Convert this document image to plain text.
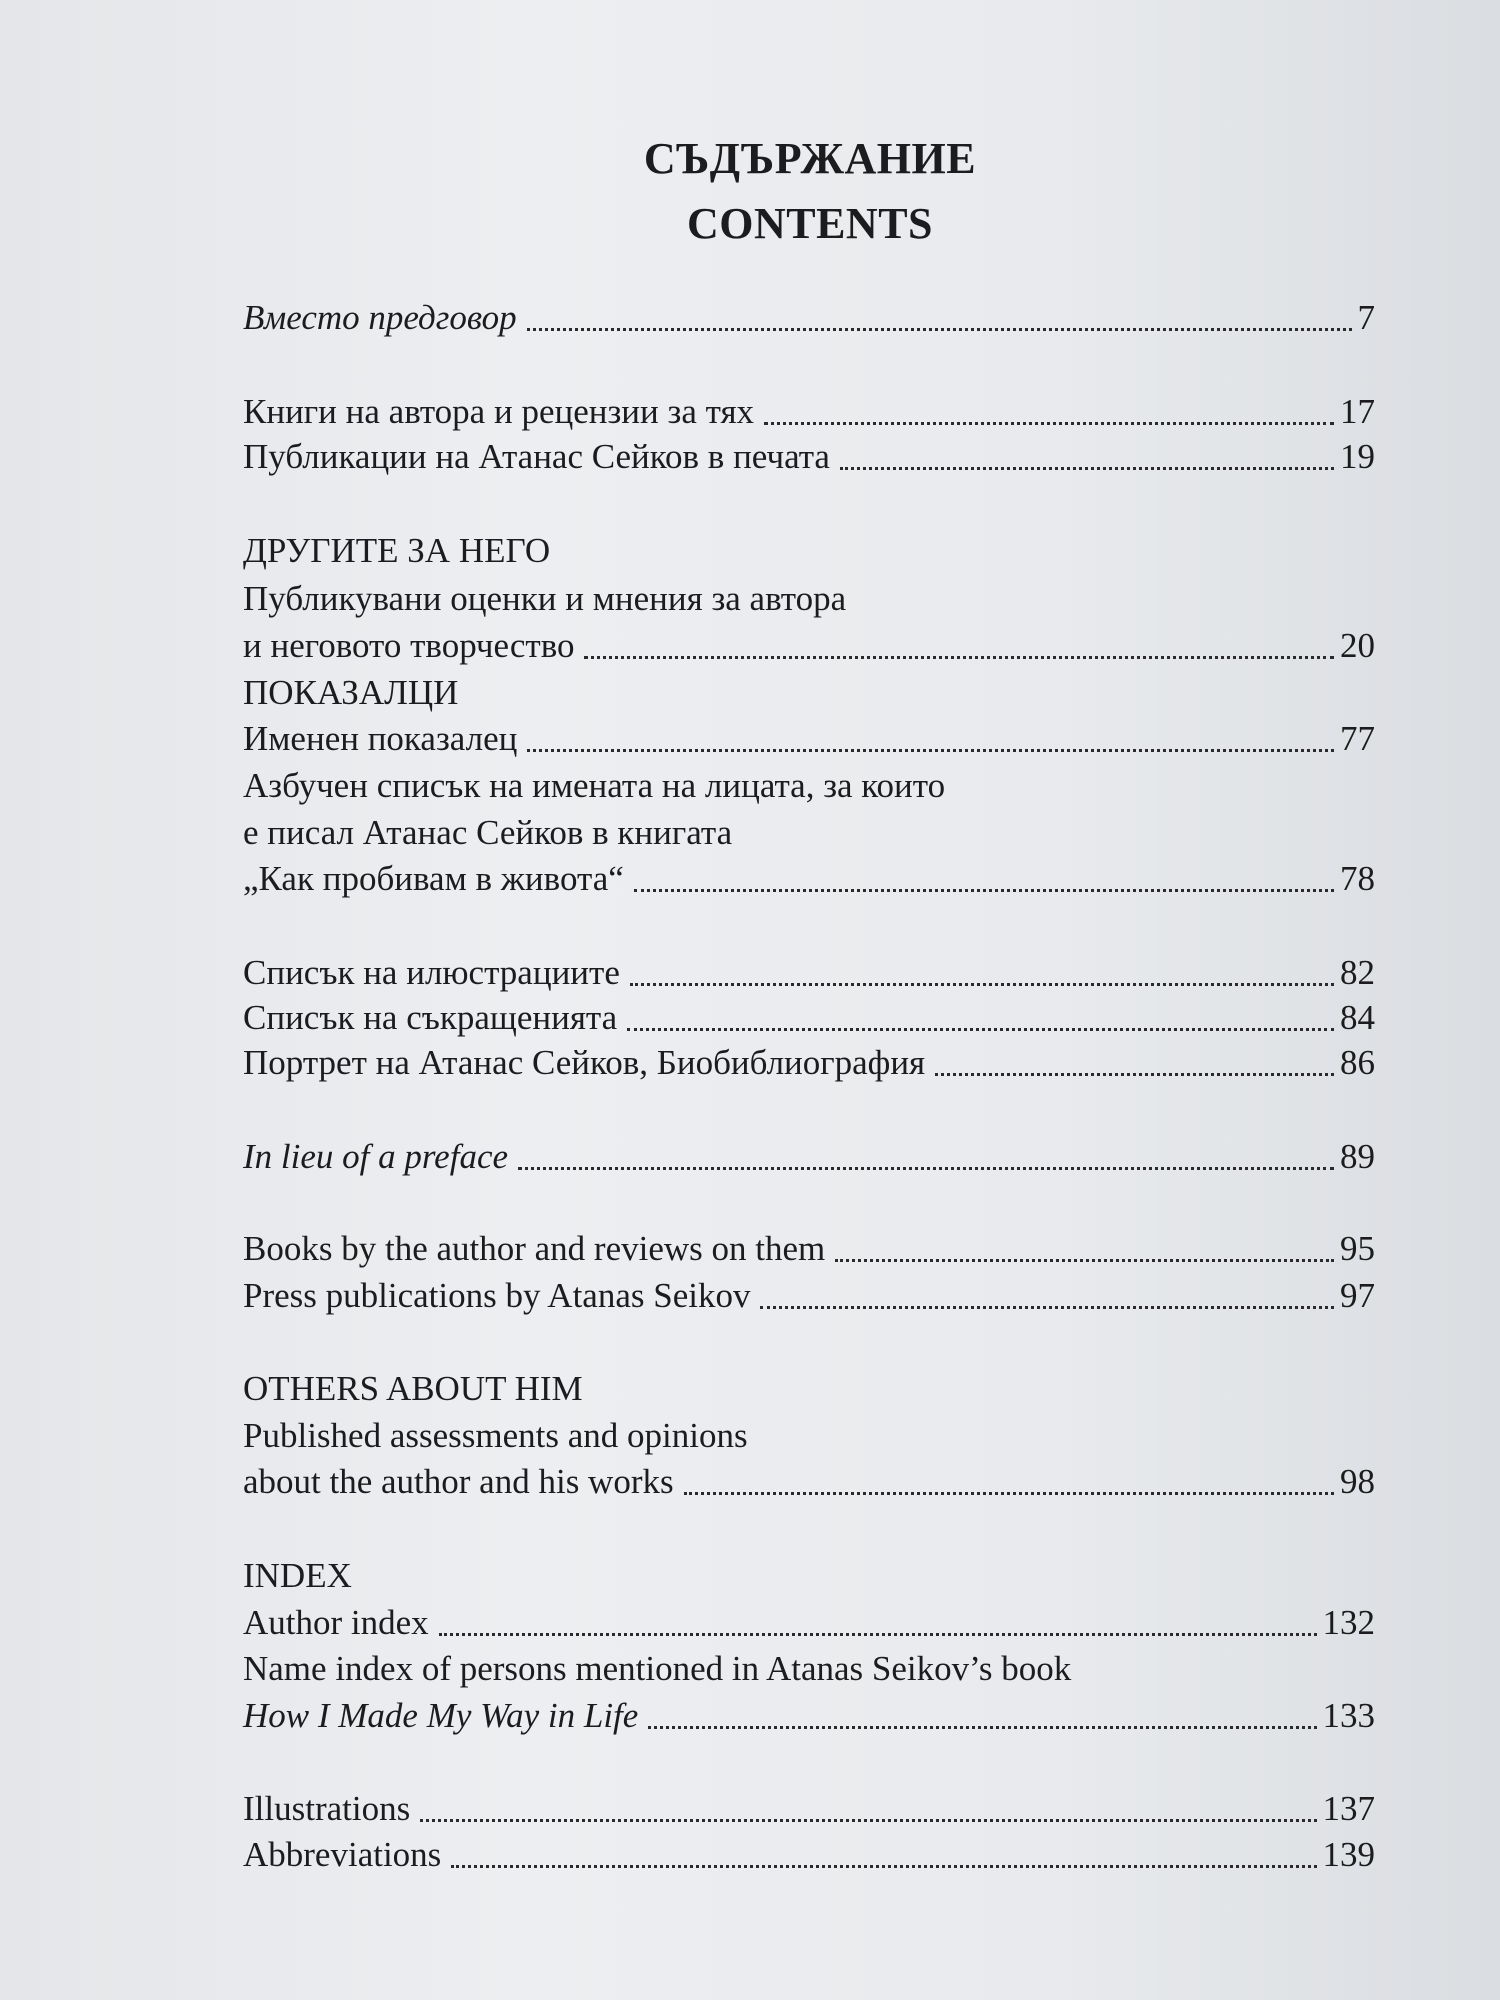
СЪДЪРЖАНИЕ
CONTENTS
Вместо предговор	7
Книги на автора и рецензии за тях	17
Публикации на Атанас Сейков в печата	19
ДРУГИТЕ ЗА НЕГО
Публикувани оценки и мнения за автора
и неговото творчество	20
ПОКАЗАЛЦИ
Именен показалец	77
Азбучен списък на имената на лицата, за които
е писал Атанас Сейков в книгата
„Как пробивам в живота“	78
Списък на илюстрациите	82
Списък на съкращенията	84
Портрет на Атанас Сейков, Биобиблиография	86
In lieu of a preface	89
Books by the author and reviews on them	95
Press publications by Atanas Seikov	97
OTHERS ABOUT HIM
Published assessments and opinions
about the author and his works	98
INDEX
Author index	132
Name index of persons mentioned in Atanas Seikov’s book
How I Made My Way in Life	133
Illustrations	137
Abbreviations	139
